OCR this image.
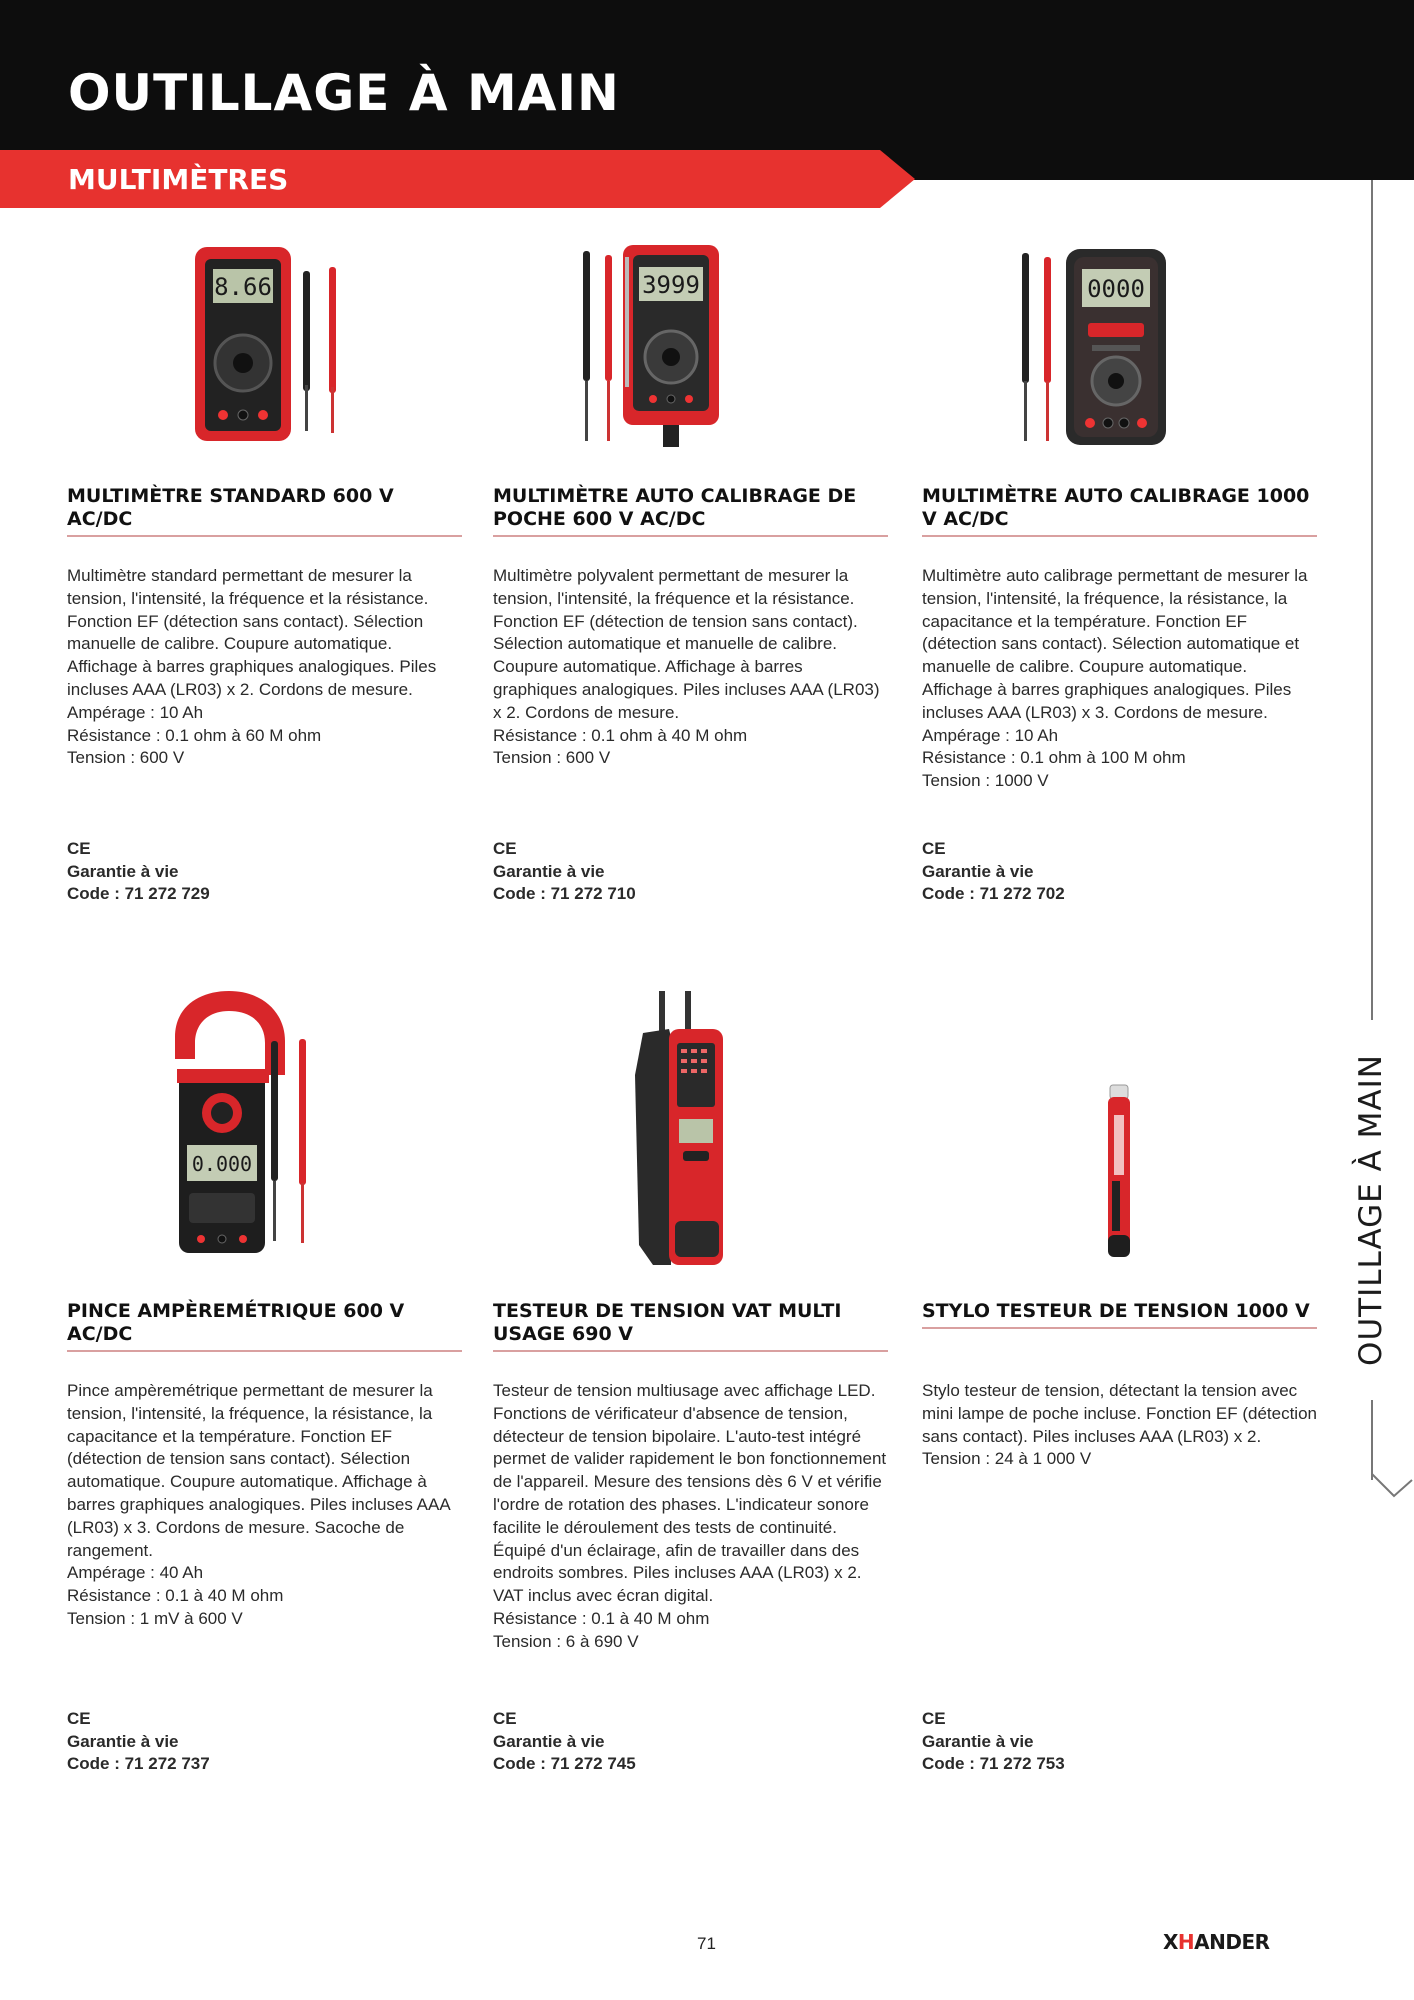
OUTILLAGE À MAIN
MULTIMÈTRES

OUTILLAGE À MAIN

8.66
MULTIMÈTRE STANDARD 600 V AC/DC

Multimètre standard permettant de mesurer la tension, l'intensité, la fréquence et la résistance. Fonction EF (détection sans contact). Sélection manuelle de calibre. Coupure automatique. Affichage à barres graphiques analogiques. Piles incluses AAA (LR03) x 2. Cordons de mesure.

Ampérage : 10 Ah

Résistance : 0.1 ohm à 60 M ohm

Tension : 600 V

CE
Garantie à vie
Code : 71 272 729
3999
MULTIMÈTRE AUTO CALIBRAGE DE POCHE 600 V AC/DC

Multimètre polyvalent permettant de mesurer la tension, l'intensité, la fréquence et la résistance. Fonction EF (détection de tension sans contact). Sélection automatique et manuelle de calibre. Coupure automatique. Affichage à barres graphiques analogiques. Piles incluses AAA (LR03) x 2. Cordons de mesure.

Résistance : 0.1 ohm à 40 M ohm

Tension : 600 V

CE
Garantie à vie
Code : 71 272 710
0000
MULTIMÈTRE AUTO CALIBRAGE 1000 V AC/DC

Multimètre auto calibrage permettant de mesurer la tension, l'intensité, la fréquence, la résistance, la capacitance et la température. Fonction EF (détection sans contact). Sélection automatique et manuelle de calibre. Coupure automatique. Affichage à barres graphiques analogiques. Piles incluses AAA (LR03) x 3. Cordons de mesure.

Ampérage : 10 Ah

Résistance : 0.1 ohm à 100 M ohm

Tension : 1000 V

CE
Garantie à vie
Code : 71 272 702
0.000
PINCE AMPÈREMÉTRIQUE 600 V AC/DC

Pince ampèremétrique permettant de mesurer la tension, l'intensité, la fréquence, la résistance, la capacitance et la température. Fonction EF (détection de tension sans contact). Sélection automatique. Coupure automatique. Affichage à barres graphiques analogiques. Piles incluses AAA (LR03) x 3. Cordons de mesure. Sacoche de rangement.

Ampérage : 40 Ah

Résistance : 0.1 à 40 M ohm

Tension : 1 mV à 600 V

CE
Garantie à vie
Code : 71 272 737
TESTEUR DE TENSION VAT MULTI USAGE 690 V

Testeur de tension multiusage avec affichage LED. Fonctions de vérificateur d'absence de tension, détecteur de tension bipolaire. L'auto-test intégré permet de valider rapidement le bon fonctionnement de l'appareil. Mesure des tensions dès 6 V et vérifie l'ordre de rotation des phases. L'indicateur sonore facilite le déroulement des tests de continuité. Équipé d'un éclairage, afin de travailler dans des endroits sombres. Piles incluses AAA (LR03) x 2. VAT inclus avec écran digital.

Résistance : 0.1 à 40 M ohm

Tension : 6 à 690 V

CE
Garantie à vie
Code : 71 272 745
STYLO TESTEUR DE TENSION 1000 V

Stylo testeur de tension, détectant la tension avec mini lampe de poche incluse. Fonction EF (détection sans contact). Piles incluses AAA (LR03) x 2.

Tension : 24 à 1 000 V

CE
Garantie à vie
Code : 71 272 753

71	XHANDER
